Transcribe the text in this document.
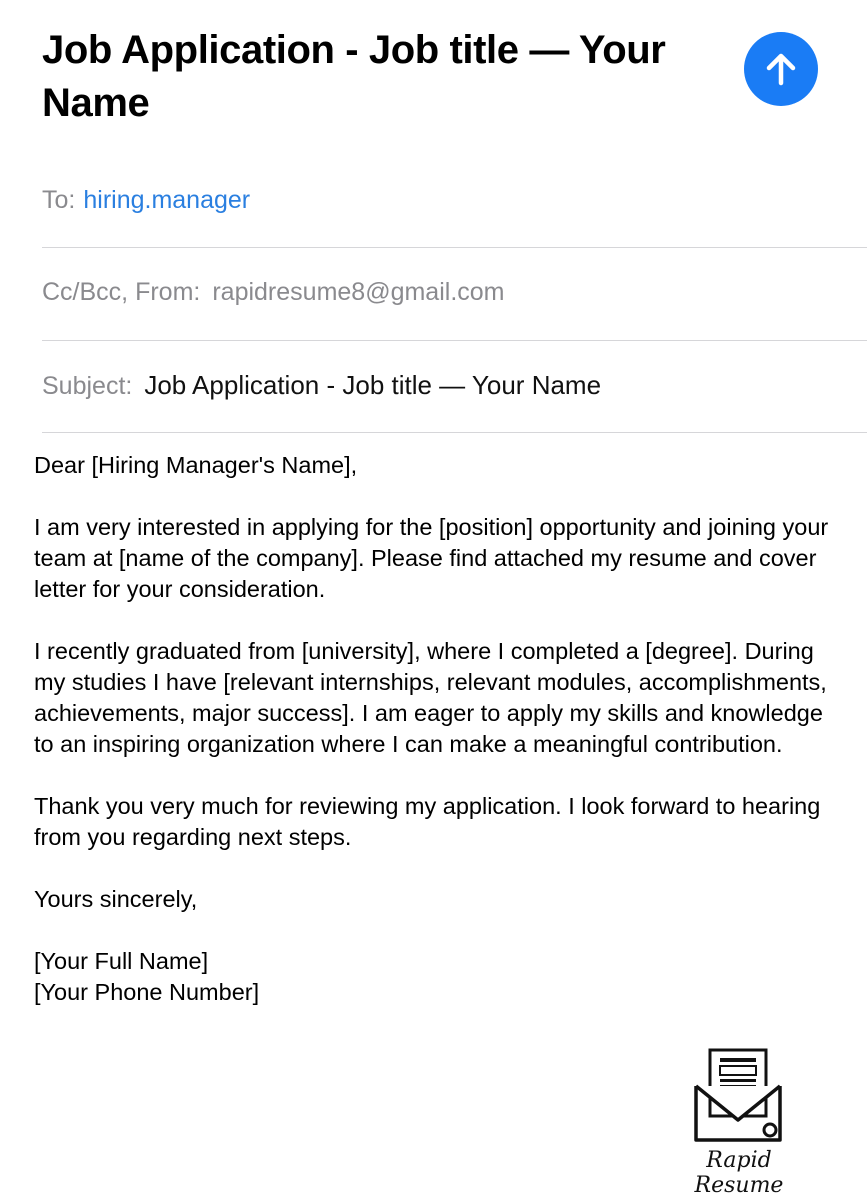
Job Application - Job title — Your Name
To: hiring.manager
Cc/Bcc, From: rapidresume8@gmail.com
Subject: Job Application - Job title — Your Name

Dear [Hiring Manager's Name],

I am very interested in applying for the [position] opportunity and joining your team at [name of the company]. Please find attached my resume and cover letter for your consideration.

I recently graduated from [university], where I completed a [degree]. During my studies I have [relevant internships, relevant modules, accomplishments, achievements, major success]. I am eager to apply my skills and knowledge to an inspiring organization where I can make a meaningful contribution.

Thank you very much for reviewing my application. I look forward to hearing from you regarding next steps.

Yours sincerely,

[Your Full Name]

[Your Phone Number]

Rapid Resume
